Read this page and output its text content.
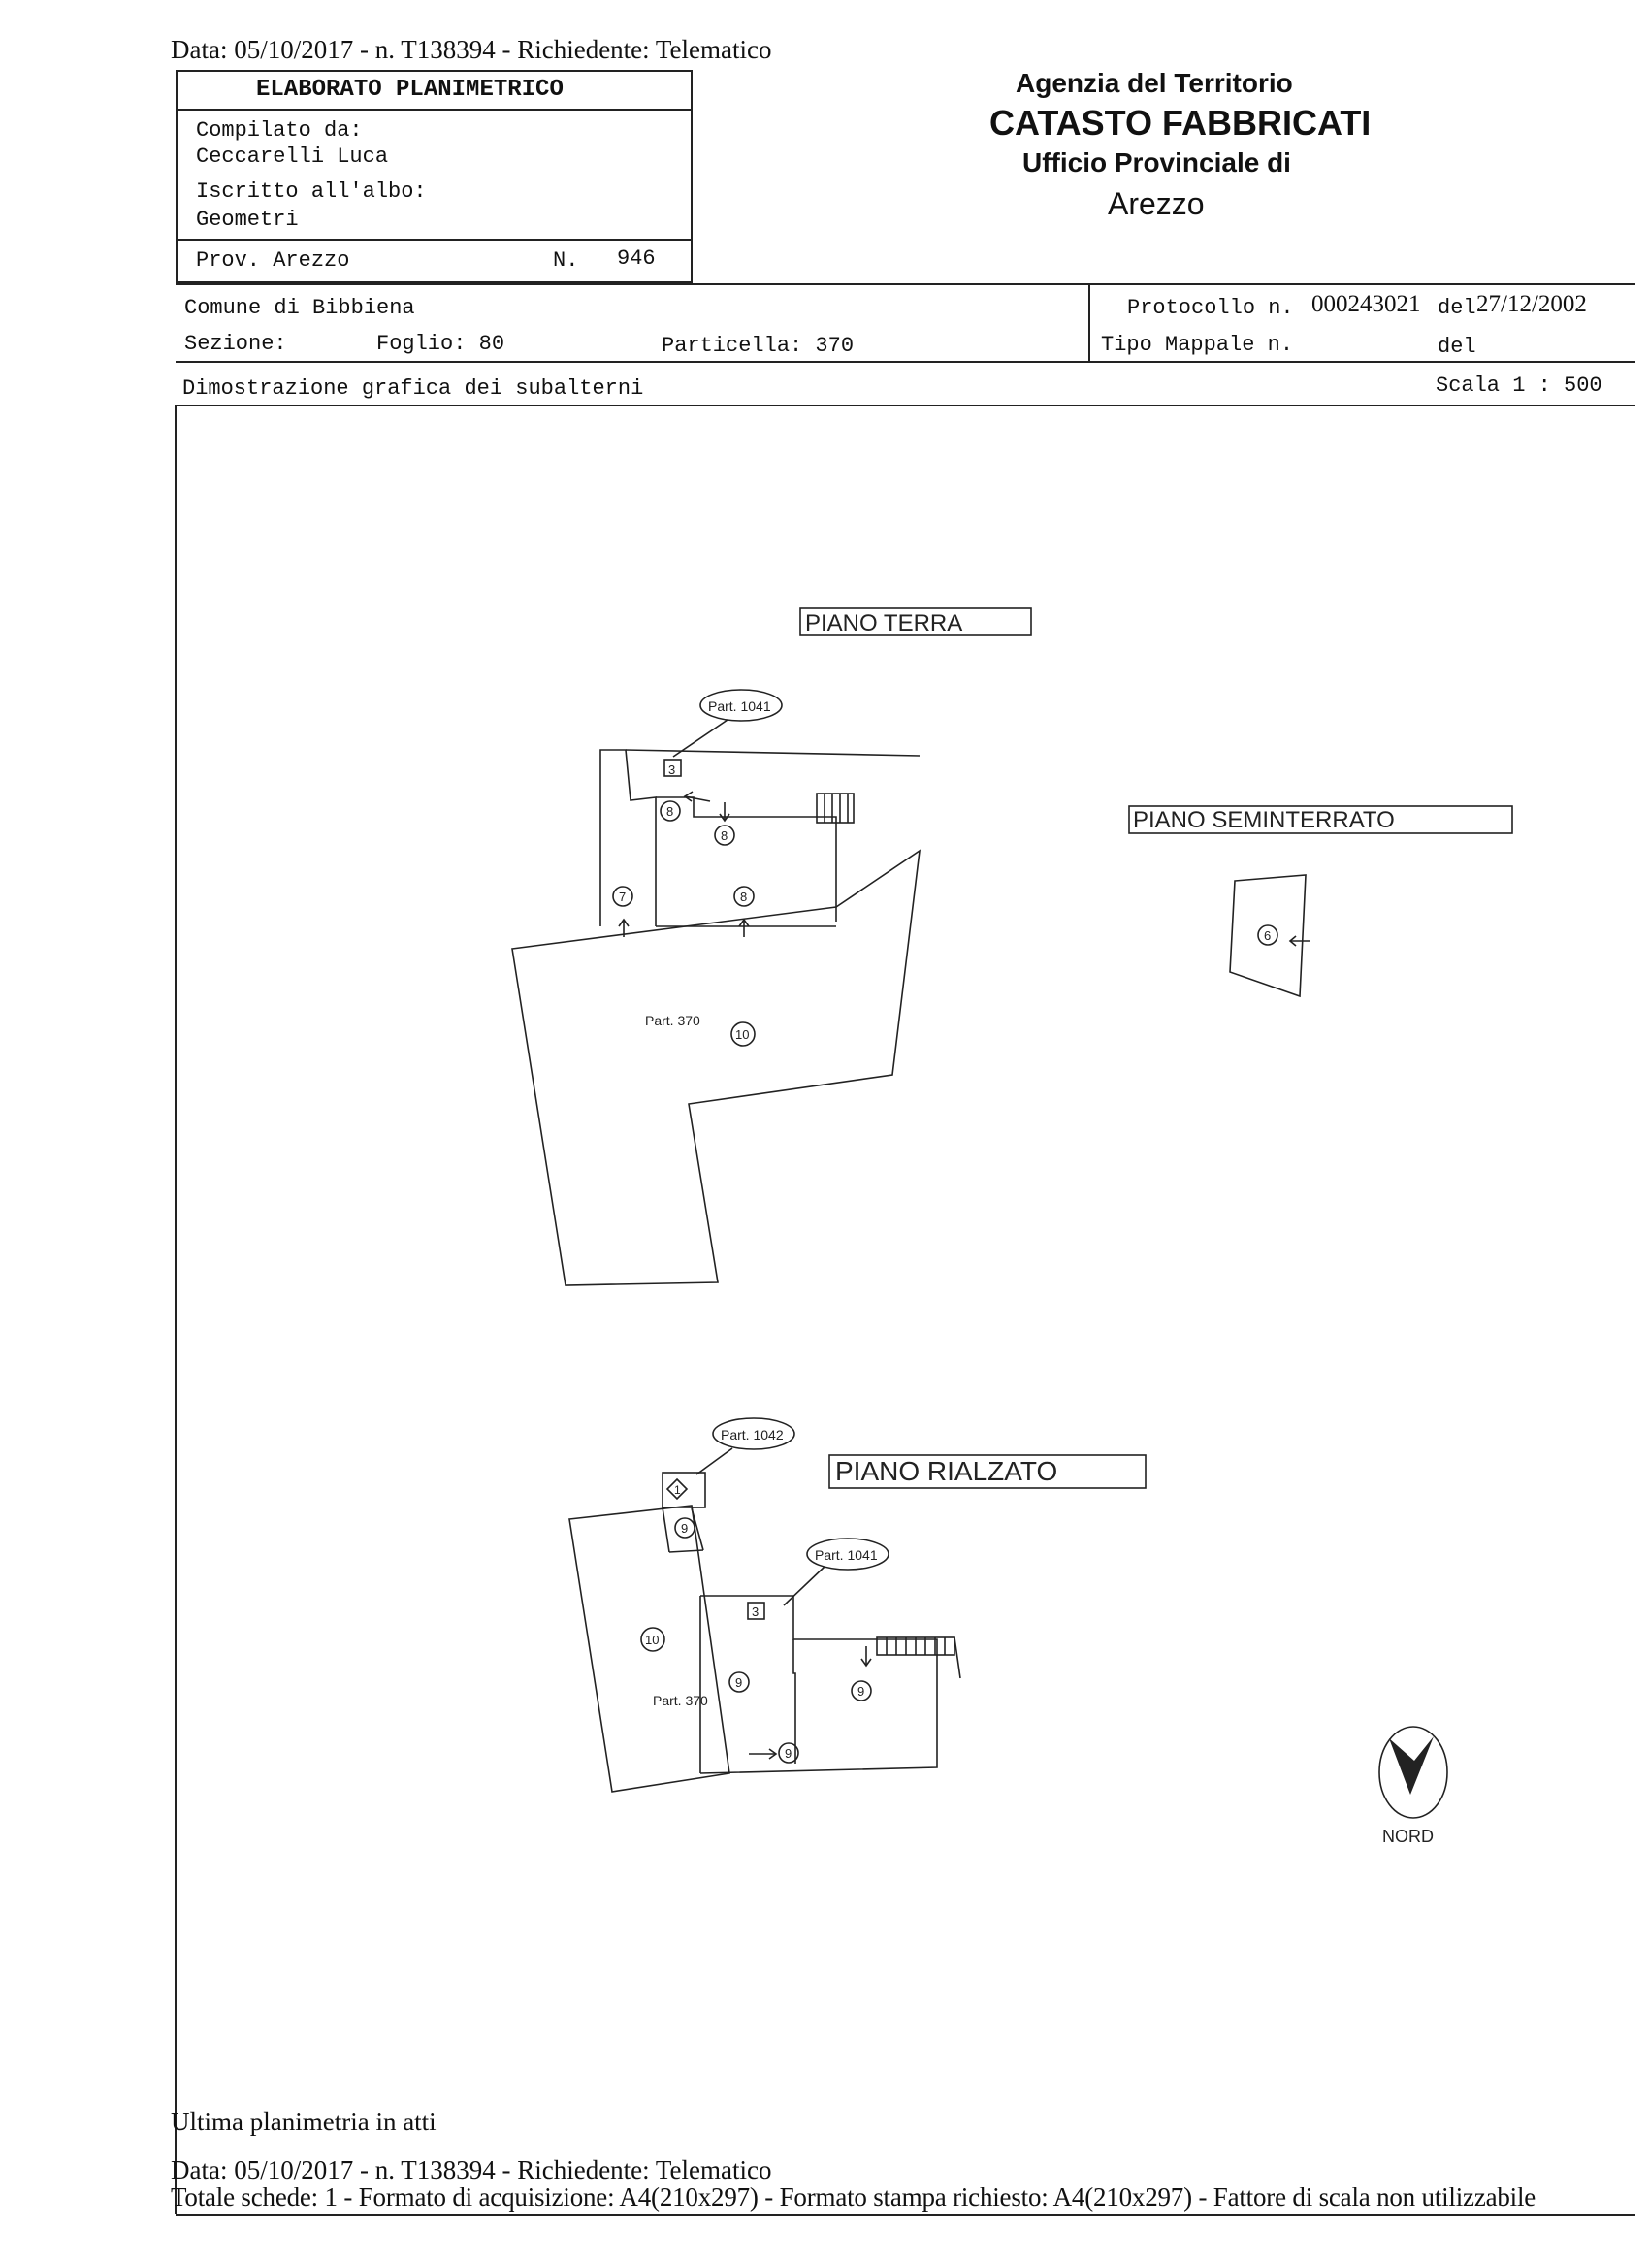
Data: 05/10/2017 - n. T138394 - Richiedente: Telematico
ELABORATO PLANIMETRICO
Compilato da:
Ceccarelli Luca
Iscritto all'albo:
Geometri
Prov. Arezzo	N. 946
Agenzia del Territorio
CATASTO FABBRICATI
Ufficio Provinciale di
Arezzo
Comune di Bibbiena
Sezione:	Foglio: 80	Particella: 370
Protocollo n. 000243021 del 27/12/2002
Tipo Mappale n.	del
Dimostrazione grafica dei subalterni	Scala 1 : 500
PIANO TERRA
PIANO SEMINTERRATO
PIANO RIALZATO
Part. 1041
3
8
8
7	8
Part. 370
10
6
Part. 1042
1
9
Part. 1041
3
10
9
9
Part. 370
9
NORD
Ultima planimetria in atti
Data: 05/10/2017 - n. T138394 - Richiedente: Telematico
Totale schede: 1 - Formato di acquisizione: A4(210x297) - Formato stampa richiesto: A4(210x297) - Fattore di scala non utilizzabile
